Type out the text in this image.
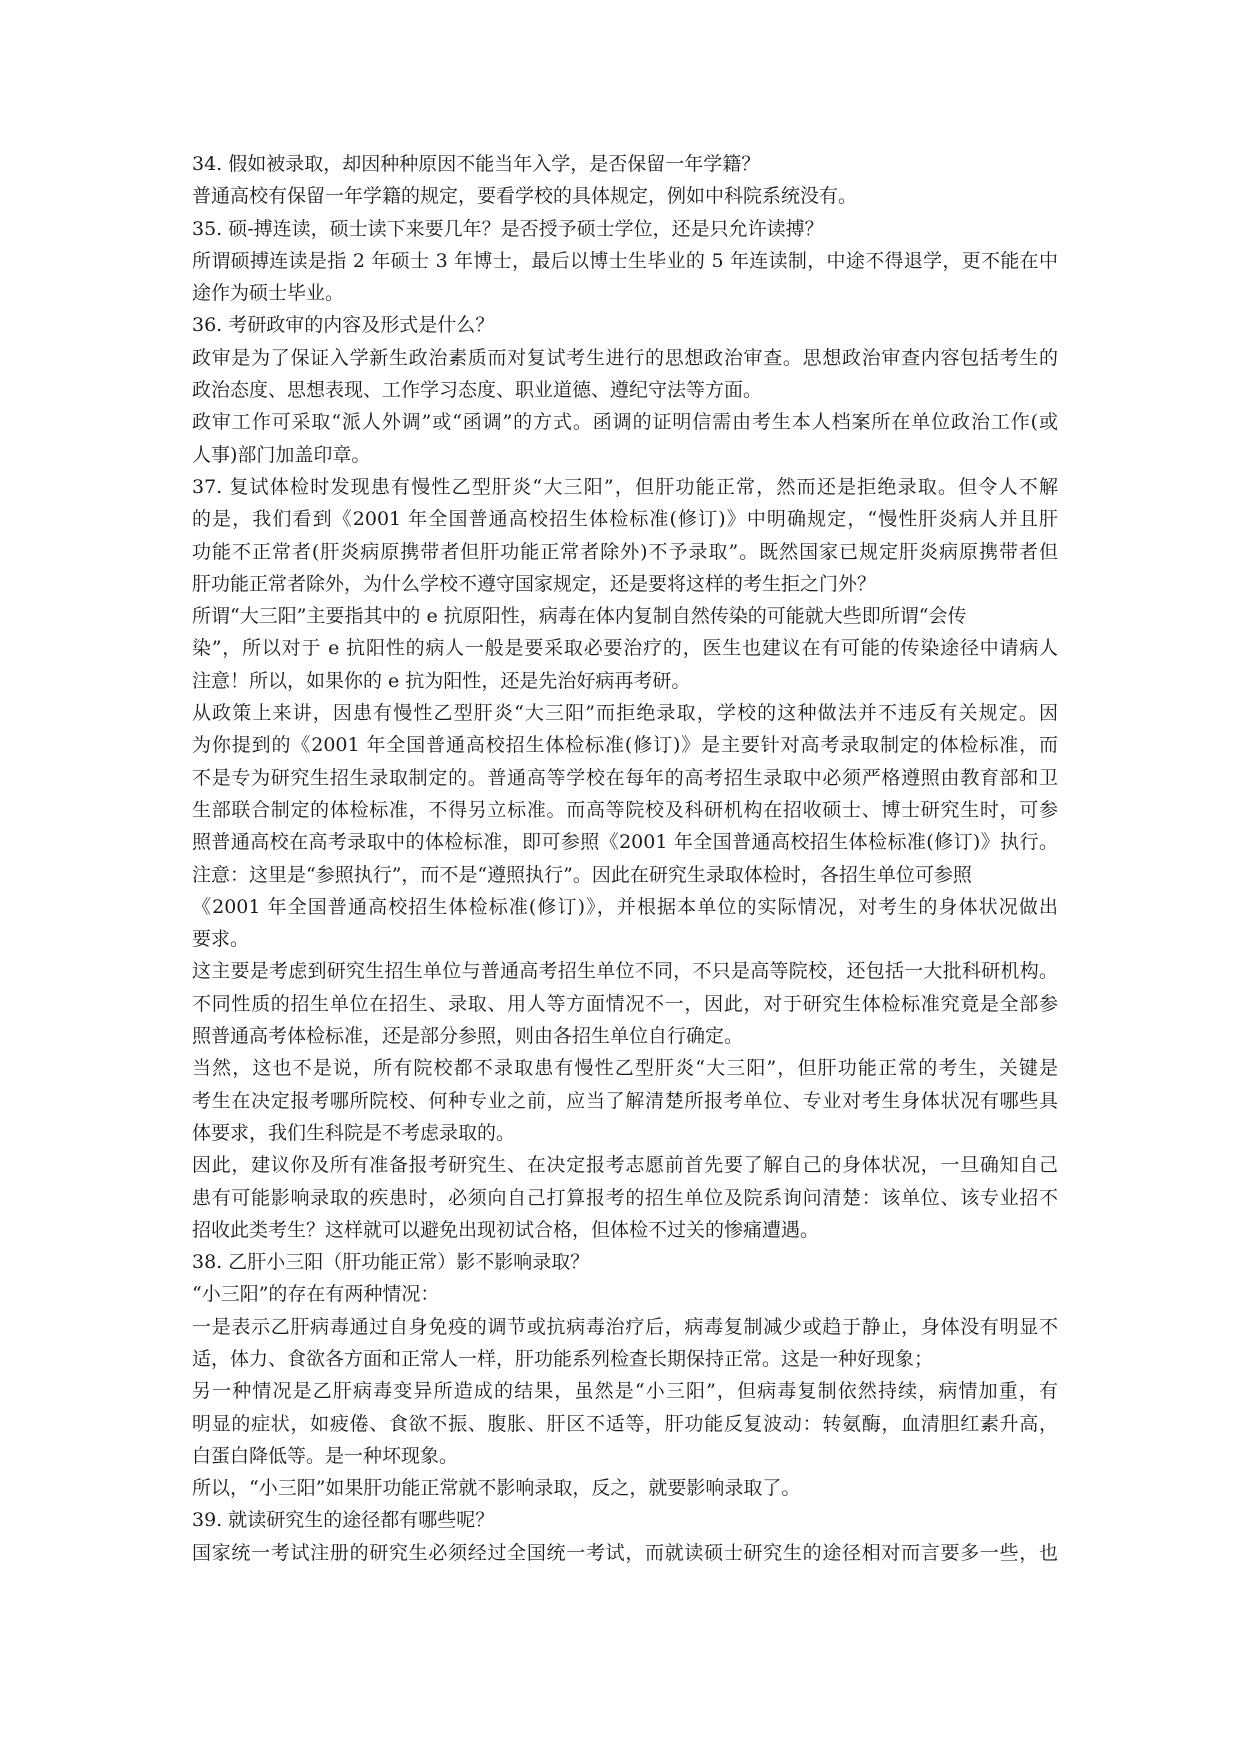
34. 假如被录取，却因种种原因不能当年入学，是否保留一年学籍？
普通高校有保留一年学籍的规定，要看学校的具体规定，例如中科院系统没有。
35. 硕-搏连读，硕士读下来要几年？是否授予硕士学位，还是只允许读搏？
所谓硕搏连读是指 2 年硕士 3 年博士，最后以博士生毕业的 5 年连读制，中途不得退学，更不能在中
途作为硕士毕业。
36. 考研政审的内容及形式是什么？
政审是为了保证入学新生政治素质而对复试考生进行的思想政治审查。思想政治审查内容包括考生的
政治态度、思想表现、工作学习态度、职业道德、遵纪守法等方面。
政审工作可采取“派人外调”或“函调”的方式。函调的证明信需由考生本人档案所在单位政治工作(或
人事)部门加盖印章。
37. 复试体检时发现患有慢性乙型肝炎“大三阳”，但肝功能正常，然而还是拒绝录取。但令人不解
的是，我们看到《2001 年全国普通高校招生体检标准(修订)》中明确规定，“慢性肝炎病人并且肝
功能不正常者(肝炎病原携带者但肝功能正常者除外)不予录取”。既然国家已规定肝炎病原携带者但
肝功能正常者除外，为什么学校不遵守国家规定，还是要将这样的考生拒之门外？
所谓“大三阳”主要指其中的 e 抗原阳性，病毒在体内复制自然传染的可能就大些即所谓“会传
染”，所以对于 e 抗阳性的病人一般是要采取必要治疗的，医生也建议在有可能的传染途径中请病人
注意！所以，如果你的 e 抗为阳性，还是先治好病再考研。
从政策上来讲，因患有慢性乙型肝炎“大三阳”而拒绝录取，学校的这种做法并不违反有关规定。因
为你提到的《2001 年全国普通高校招生体检标准(修订)》是主要针对高考录取制定的体检标准，而
不是专为研究生招生录取制定的。普通高等学校在每年的高考招生录取中必须严格遵照由教育部和卫
生部联合制定的体检标准，不得另立标准。而高等院校及科研机构在招收硕士、博士研究生时，可参
照普通高校在高考录取中的体检标准，即可参照《2001 年全国普通高校招生体检标准(修订)》执行。
注意：这里是“参照执行”，而不是“遵照执行”。因此在研究生录取体检时，各招生单位可参照
《2001 年全国普通高校招生体检标准(修订)》，并根据本单位的实际情况，对考生的身体状况做出
要求。
这主要是考虑到研究生招生单位与普通高考招生单位不同，不只是高等院校，还包括一大批科研机构。
不同性质的招生单位在招生、录取、用人等方面情况不一，因此，对于研究生体检标准究竟是全部参
照普通高考体检标准，还是部分参照，则由各招生单位自行确定。
当然，这也不是说，所有院校都不录取患有慢性乙型肝炎“大三阳”，但肝功能正常的考生，关键是
考生在决定报考哪所院校、何种专业之前，应当了解清楚所报考单位、专业对考生身体状况有哪些具
体要求，我们生科院是不考虑录取的。
因此，建议你及所有准备报考研究生、在决定报考志愿前首先要了解自己的身体状况，一旦确知自己
患有可能影响录取的疾患时，必须向自己打算报考的招生单位及院系询问清楚：该单位、该专业招不
招收此类考生？这样就可以避免出现初试合格，但体检不过关的惨痛遭遇。
38. 乙肝小三阳（肝功能正常）影不影响录取？
“小三阳”的存在有两种情况：
一是表示乙肝病毒通过自身免疫的调节或抗病毒治疗后，病毒复制减少或趋于静止，身体没有明显不
适，体力、食欲各方面和正常人一样，肝功能系列检查长期保持正常。这是一种好现象；
另一种情况是乙肝病毒变异所造成的结果，虽然是“小三阳”，但病毒复制依然持续，病情加重，有
明显的症状，如疲倦、食欲不振、腹胀、肝区不适等，肝功能反复波动：转氨酶，血清胆红素升高，
白蛋白降低等。是一种坏现象。
所以，“小三阳”如果肝功能正常就不影响录取，反之，就要影响录取了。
39. 就读研究生的途径都有哪些呢？
国家统一考试注册的研究生必须经过全国统一考试，而就读硕士研究生的途径相对而言要多一些，也
